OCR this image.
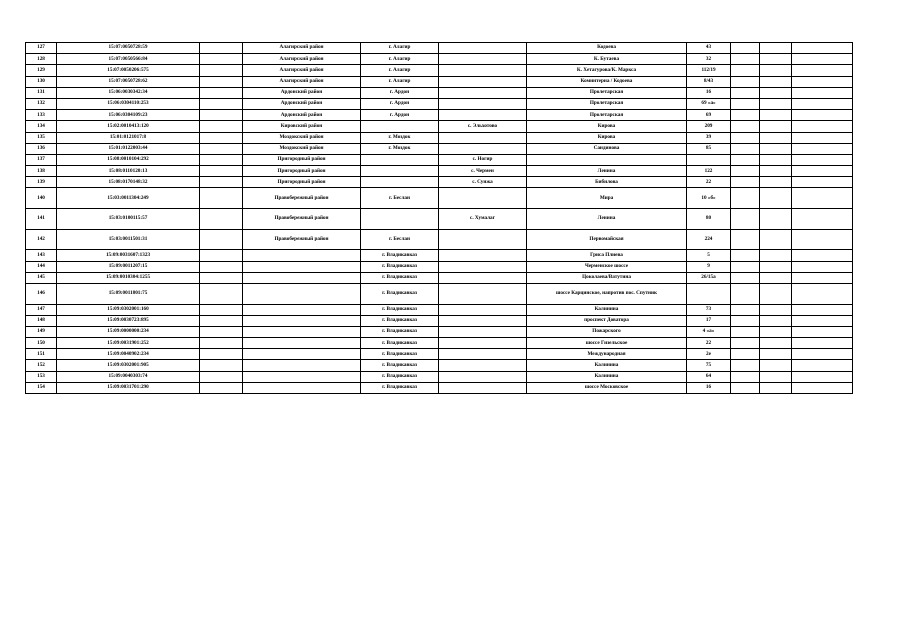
127	15:07:0050728:59		Алагирский район	г. Алагир		Кодоева	43			
128	15:07:0050566:84		Алагирский район	г. Алагир		К. Бутаева	32			
129	15:07:0050206:575		Алагирский район	г. Алагир		К. Хетагурова/К. Маркса	112/19			
130	15:07:0050728:62		Алагирский район	г. Алагир		Коминтерна / Кодоева	8/43			
131	15:06:0030342:34		Ардонский район	г. Ардон		Пролетарская	16			
132	15:06:0304110:253		Ардонский район	г. Ардон		Пролетарская	69 «а»			
133	15:06:0304109:23		Ардонский район	г. Ардон		Пролетарская	69			
134	15:02:0010413:120		Кировский район		с. Эльхотово	Кирова	209			
135	15:01:0121017:8		Моздокский район	г. Моздок		Кирова	39			
136	15:01:0122003:44		Моздокский район	г. Моздок		Сандинова	85			
137	15:08:0010104:292		Пригородный район		с. Ногир					
138	15:08:0110120:13		Пригородный район		с. Чермен	Ленина	122			
139	15:08:0170148:32		Пригородный район		с. Сунжа	Бибилова	22			
140	15:03:0011304:249		Правобережный район	г. Беслан		Мира	10 «б»			
141	15:03:0100115:57		Правобережный район		с. Хумалаг	Ленина	80			
142	15:03:0011501:31		Правобережный район	г. Беслан		Первомайская	224			
143	15:09:0031607:1323			г. Владикавказ		Гриса Плиева	5			
144	15:09:0011207:15			г. Владикавказ		Черменское шоссе	9			
145	15:09:0010304:1255			г. Владикавказ		Цоколаева/Ватутина	26/15а			
146	15:09:0011801:75			г. Владикавказ		шоссе Карцинское, напротив пос. Спутник				
147	15:09:0302001:160			г. Владикавказ		Калинина	73			
148	15:09:0030723:895			г. Владикавказ		проспект Доватора	17			
149	15:09:0000000:234			г. Владикавказ		Пожарского	4 «а»			
150	15:09:0031901:252			г. Владикавказ		шоссе Гизельское	22			
151	15:09:0040902:234			г. Владикавказ		Международная	2е			
152	15:09:0302001:905			г. Владикавказ		Калинина	75			
153	15:09:0040303:74			г. Владикавказ		Калинина	64			
154	15:09:0031701:290			г. Владикавказ		шоссе Московское	16			
